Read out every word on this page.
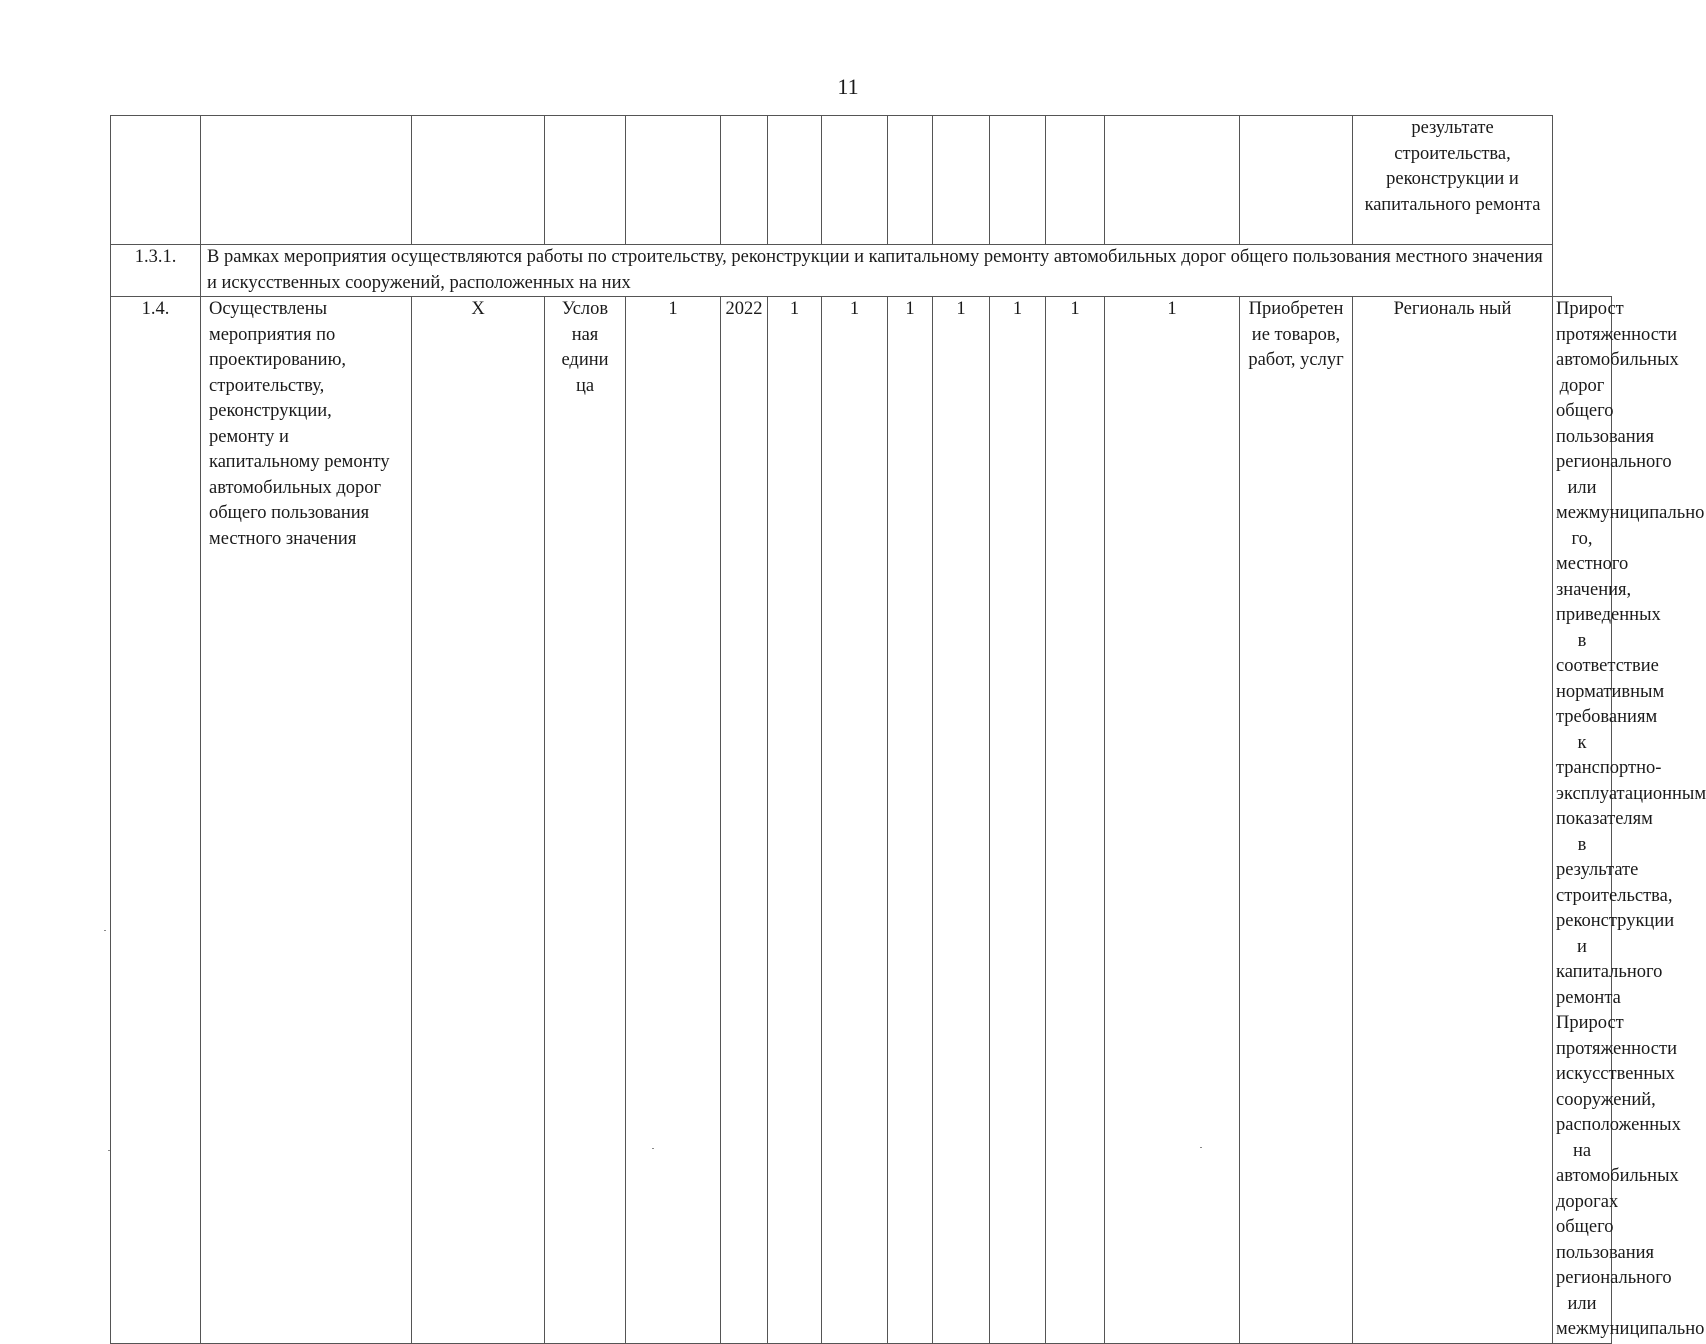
11
														результате строительства, реконструкции и капитального ремонта	
1.3.1.	В рамках мероприятия осуществляются работы по строительству, реконструкции и капитальному ремонту автомобильных дорог общего пользования местного значения и искусственных сооружений, расположенных на них														
1.4.	Осуществлены мероприятия по проектированию, строительству, реконструкции, ремонту и капитальному ремонту автомобильных дорог общего пользования местного значения	X	Услов ная едини ца	1	2022	1	1	1	1	1	1	1	Приобретен ие товаров, работ, услуг	Региональ ный	Прирост протяженности автомобильных дорог общего пользования регионального или межмуниципально го, местного значения, приведенных в соответствие нормативным требованиям к транспортно-эксплуатационным показателям в результате строительства, реконструкции и капитального ремонта Прирост протяженности искусственных сооружений, расположенных на автомобильных дорогах общего пользования регионального или межмуниципально
